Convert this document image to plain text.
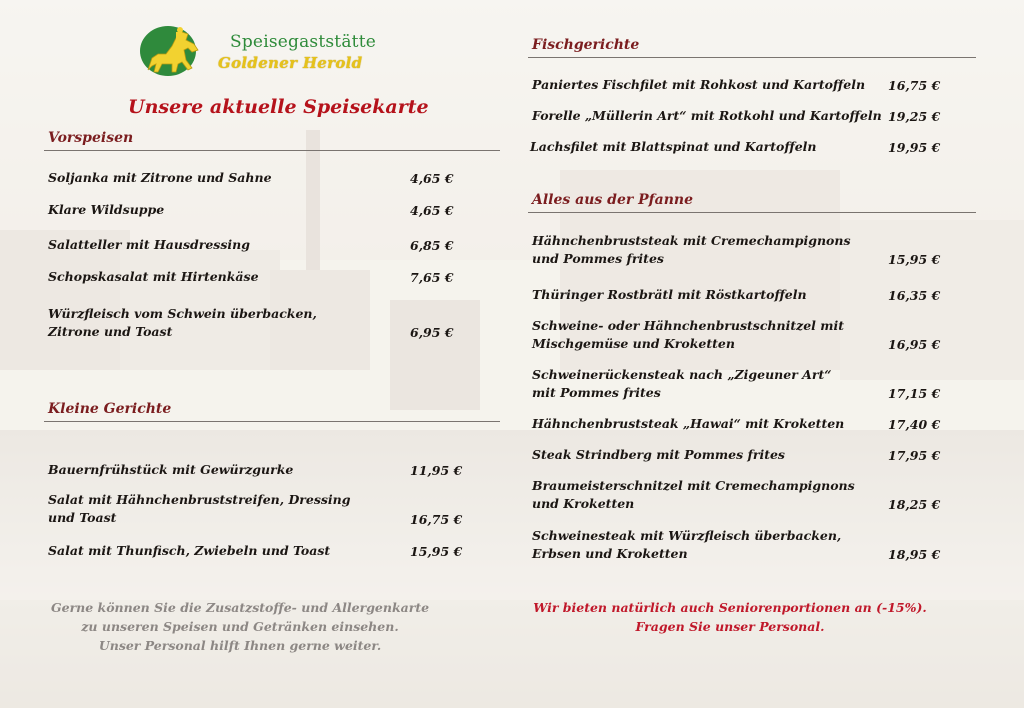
Speisegaststätte
Goldener Herold
Unsere aktuelle Speisekarte
Vorspeisen
Soljanka mit Zitrone und Sahne	4,65 €
Klare Wildsuppe	4,65 €
Salatteller mit Hausdressing	6,85 €
Schopskasalat mit Hirtenkäse	7,65 €
Würzfleisch vom Schwein überbacken,
Zitrone und Toast	6,95 €
Kleine Gerichte
Bauernfrühstück mit Gewürzgurke	11,95 €
Salat mit Hähnchenbruststreifen, Dressing
und Toast	16,75 €
Salat mit Thunfisch, Zwiebeln und Toast	15,95 €
Fischgerichte
Paniertes Fischfilet mit Rohkost und Kartoffeln 16,75 €
Forelle „Müllerin Art“ mit Rotkohl und Kartoffeln 19,25 €
Lachsfilet mit Blattspinat und Kartoffeln	19,95 €
Alles aus der Pfanne
Hähnchenbruststeak mit Cremechampignons
und Pommes frites	15,95 €
Thüringer Rostbrätl mit Röstkartoffeln	16,35 €
Schweine- oder Hähnchenbrustschnitzel mit
Mischgemüse und Kroketten	16,95 €
Schweinerückensteak nach „Zigeuner Art“
mit Pommes frites	17,15 €
Hähnchenbruststeak „Hawai“ mit Kroketten	17,40 €
Steak Strindberg mit Pommes frites	17,95 €
Braumeisterschnitzel mit Cremechampignons
und Kroketten	18,25 €
Schweinesteak mit Würzfleisch überbacken,
Erbsen und Kroketten	18,95 €
Gerne können Sie die Zusatzstoffe- und Allergenkarte
zu unseren Speisen und Getränken einsehen.
Unser Personal hilft Ihnen gerne weiter.
Wir bieten natürlich auch Seniorenportionen an (-15%).
Fragen Sie unser Personal.
